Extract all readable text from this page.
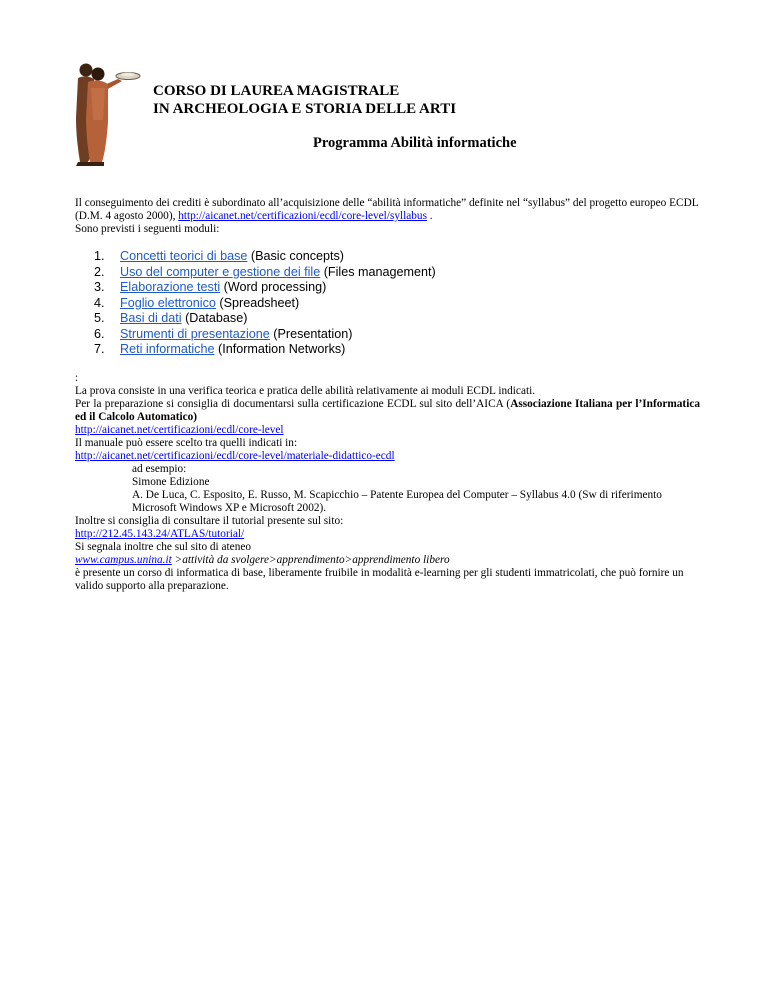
CORSO DI LAUREA MAGISTRALE
IN ARCHEOLOGIA E STORIA DELLE ARTI
Programma Abilità informatiche

Il conseguimento dei crediti è subordinato all’acquisizione delle “abilità informatiche” definite nel “syllabus” del progetto europeo ECDL (D.M. 4 agosto 2000), http://aicanet.net/certificazioni/ecdl/core-level/syllabus .
Sono previsti i seguenti moduli:

1. Concetti teorici di base (Basic concepts)
2. Uso del computer e gestione dei file (Files management)
3. Elaborazione testi (Word processing)
4. Foglio elettronico (Spreadsheet)
5. Basi di dati (Database)
6. Strumenti di presentazione (Presentation)
7. Reti informatiche (Information Networks)

:
La prova consiste in una verifica teorica e pratica delle abilità relativamente ai moduli ECDL indicati.

Per la preparazione si consiglia di documentarsi sulla certificazione ECDL sul sito dell’AICA (Associazione Italiana per l’Informatica ed il Calcolo Automatico)
http://aicanet.net/certificazioni/ecdl/core-level

Il manuale può essere scelto tra quelli indicati in:
http://aicanet.net/certificazioni/ecdl/core-level/materiale-didattico-ecdl

ad esempio:
Simone Edizione
A. De Luca, C. Esposito, E. Russo, M. Scapicchio – Patente Europea del Computer – Syllabus 4.0 (Sw di riferimento Microsoft Windows XP e Microsoft 2002).

Inoltre si consiglia di consultare il tutorial presente sul sito:
http://212.45.143.24/ATLAS/tutorial/

Si segnala inoltre che sul sito di ateneo
www.campus.unina.it >attività da svolgere>apprendimento>apprendimento libero
è presente un corso di informatica di base, liberamente fruibile in modalità e-learning per gli studenti immatricolati, che può fornire un valido supporto alla preparazione.
